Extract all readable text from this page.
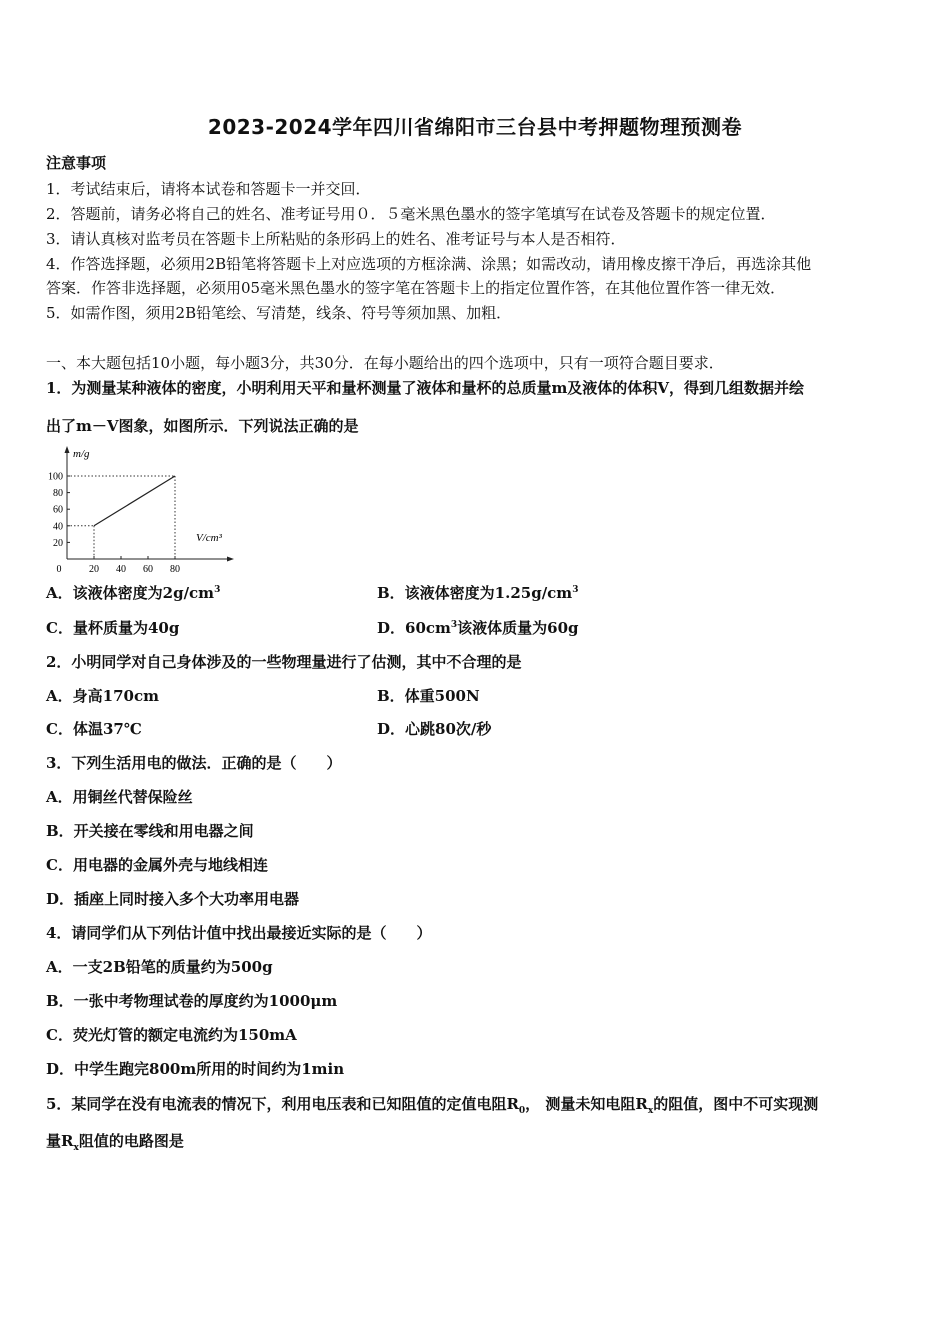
2023-2024学年四川省绵阳市三台县中考押题物理预测卷
注意事项
1．考试结束后，请将本试卷和答题卡一并交回．
2．答题前，请务必将自己的姓名、准考证号用０．５毫米黑色墨水的签字笔填写在试卷及答题卡的规定位置．
3．请认真核对监考员在答题卡上所粘贴的条形码上的姓名、准考证号与本人是否相符．
4．作答选择题，必须用2B铅笔将答题卡上对应选项的方框涂满、涂黑；如需改动，请用橡皮擦干净后，再选涂其他
答案．作答非选择题，必须用05毫米黑色墨水的签字笔在答题卡上的指定位置作答，在其他位置作答一律无效．
5．如需作图，须用2B铅笔绘、写清楚，线条、符号等须加黑、加粗．
一、本大题包括10小题，每小题3分，共30分．在每小题给出的四个选项中，只有一项符合题目要求．
1．为测量某种液体的密度，小明利用天平和量杯测量了液体和量杯的总质量m及液体的体积V，得到几组数据并绘
出了m－V图象，如图所示．下列说法正确的是
m/g
V/cm³
0	20 40 60 80
20
40
60
80
100
A．该液体密度为$2g/cm^3$	B．该液体密度为$1.25g/cm^3$
C．量杯质量为40g	D．$60cm^3$该液体质量为60g
2．小明同学对自己身体涉及的一些物理量进行了估测，其中不合理的是
A．身高170cm	B．体重500N
C．体温37℃	D．心跳80次/秒
3．下列生活用电的做法．正确的是（　　）
A．用铜丝代替保险丝
B．开关接在零线和用电器之间
C．用电器的金属外壳与地线相连
D．插座上同时接入多个大功率用电器
4．请同学们从下列估计值中找出最接近实际的是（　　）
A．一支2B铅笔的质量约为500g
B．一张中考物理试卷的厚度约为1000μm
C．荧光灯管的额定电流约为150mA
D．中学生跑完800m所用的时间约为1min
5．某同学在没有电流表的情况下，利用电压表和已知阻值的定值电阻$R_0$， 测量未知电阻$R_x$的阻值，图中不可实现测
量$R_x$阻值的电路图是
